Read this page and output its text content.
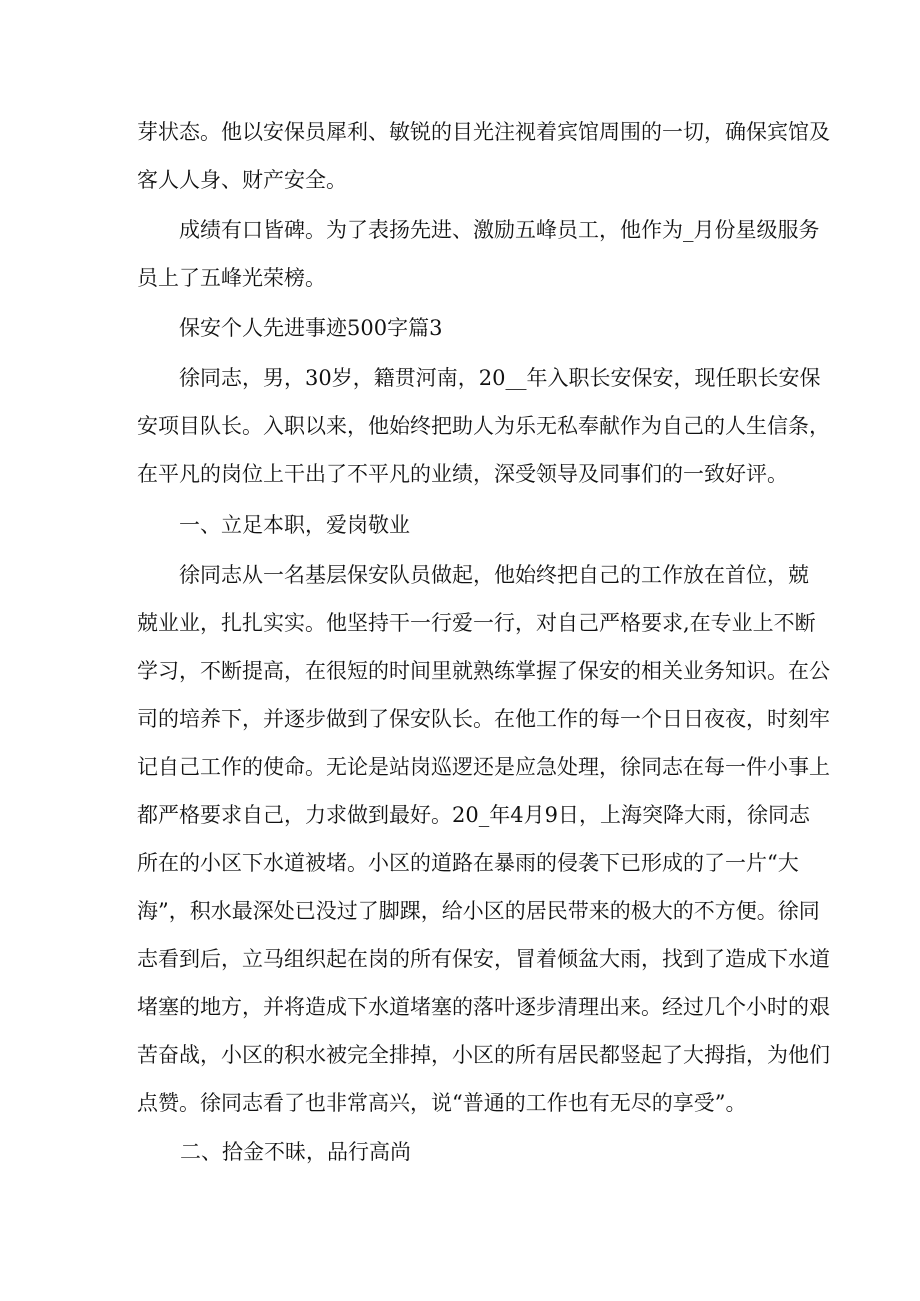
芽状态。他以安保员犀利、敏锐的目光注视着宾馆周围的一切，确保宾馆及
客人人身、财产安全。
成绩有口皆碑。为了表扬先进、激励五峰员工，他作为_月份星级服务
员上了五峰光荣榜。
保安个人先进事迹500字篇3
徐同志，男，30岁，籍贯河南，20__年入职长安保安，现任职长安保
安项目队长。入职以来，他始终把助人为乐无私奉献作为自己的人生信条，
在平凡的岗位上干出了不平凡的业绩，深受领导及同事们的一致好评。
一、立足本职，爱岗敬业
徐同志从一名基层保安队员做起，他始终把自己的工作放在首位，兢
兢业业，扎扎实实。他坚持干一行爱一行，对自己严格要求,在专业上不断
学习，不断提高，在很短的时间里就熟练掌握了保安的相关业务知识。在公
司的培养下，并逐步做到了保安队长。在他工作的每一个日日夜夜，时刻牢
记自己工作的使命。无论是站岗巡逻还是应急处理，徐同志在每一件小事上
都严格要求自己，力求做到最好。20_年4月9日，上海突降大雨，徐同志
所在的小区下水道被堵。小区的道路在暴雨的侵袭下已形成的了一片“大
海”，积水最深处已没过了脚踝，给小区的居民带来的极大的不方便。徐同
志看到后，立马组织起在岗的所有保安，冒着倾盆大雨，找到了造成下水道
堵塞的地方，并将造成下水道堵塞的落叶逐步清理出来。经过几个小时的艰
苦奋战，小区的积水被完全排掉，小区的所有居民都竖起了大拇指，为他们
点赞。徐同志看了也非常高兴，说“普通的工作也有无尽的享受”。
二、拾金不昧，品行高尚
